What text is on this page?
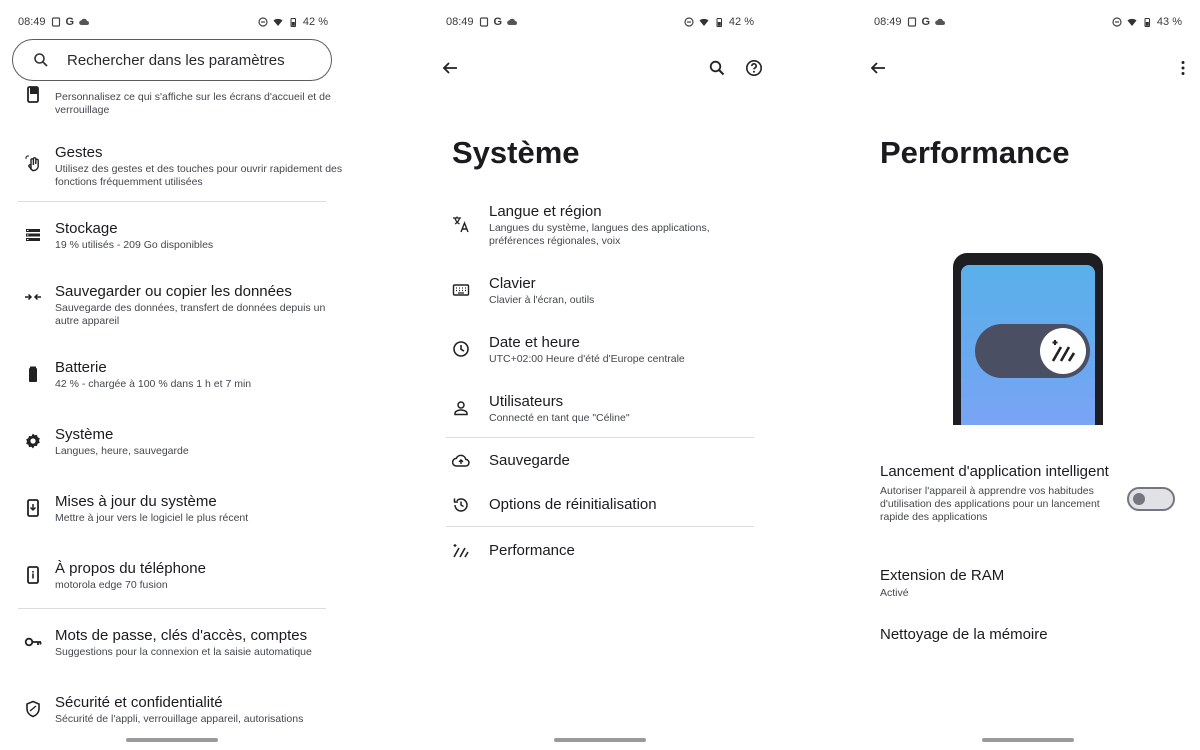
08:49 G	42 %
Rechercher dans les paramètres
Personnalisez ce qui s'affiche sur les écrans d'accueil et de verrouillage
Gestes
Utilisez des gestes et des touches pour ouvrir rapidement des fonctions fréquemment utilisées
Stockage
19 % utilisés - 209 Go disponibles
Sauvegarder ou copier les données
Sauvegarde des données, transfert de données depuis un autre appareil
Batterie
42 % - chargée à 100 % dans 1 h et 7 min
Système
Langues, heure, sauvegarde
Mises à jour du système
Mettre à jour vers le logiciel le plus récent
À propos du téléphone
motorola edge 70 fusion
Mots de passe, clés d'accès, comptes
Suggestions pour la connexion et la saisie automatique
Sécurité et confidentialité
Sécurité de l'appli, verrouillage appareil, autorisations
08:49 G	42 %
Système
Langue et région
Langues du système, langues des applications, préférences régionales, voix
Clavier
Clavier à l'écran, outils
Date et heure
UTC+02:00 Heure d'été d'Europe centrale
Utilisateurs
Connecté en tant que "Céline"
Sauvegarde
Options de réinitialisation
Performance
08:49 G	43 %
Performance
Lancement d'application intelligent
Autoriser l'appareil à apprendre vos habitudes d'utilisation des applications pour un lancement rapide des applications
Extension de RAM
Activé
Nettoyage de la mémoire
